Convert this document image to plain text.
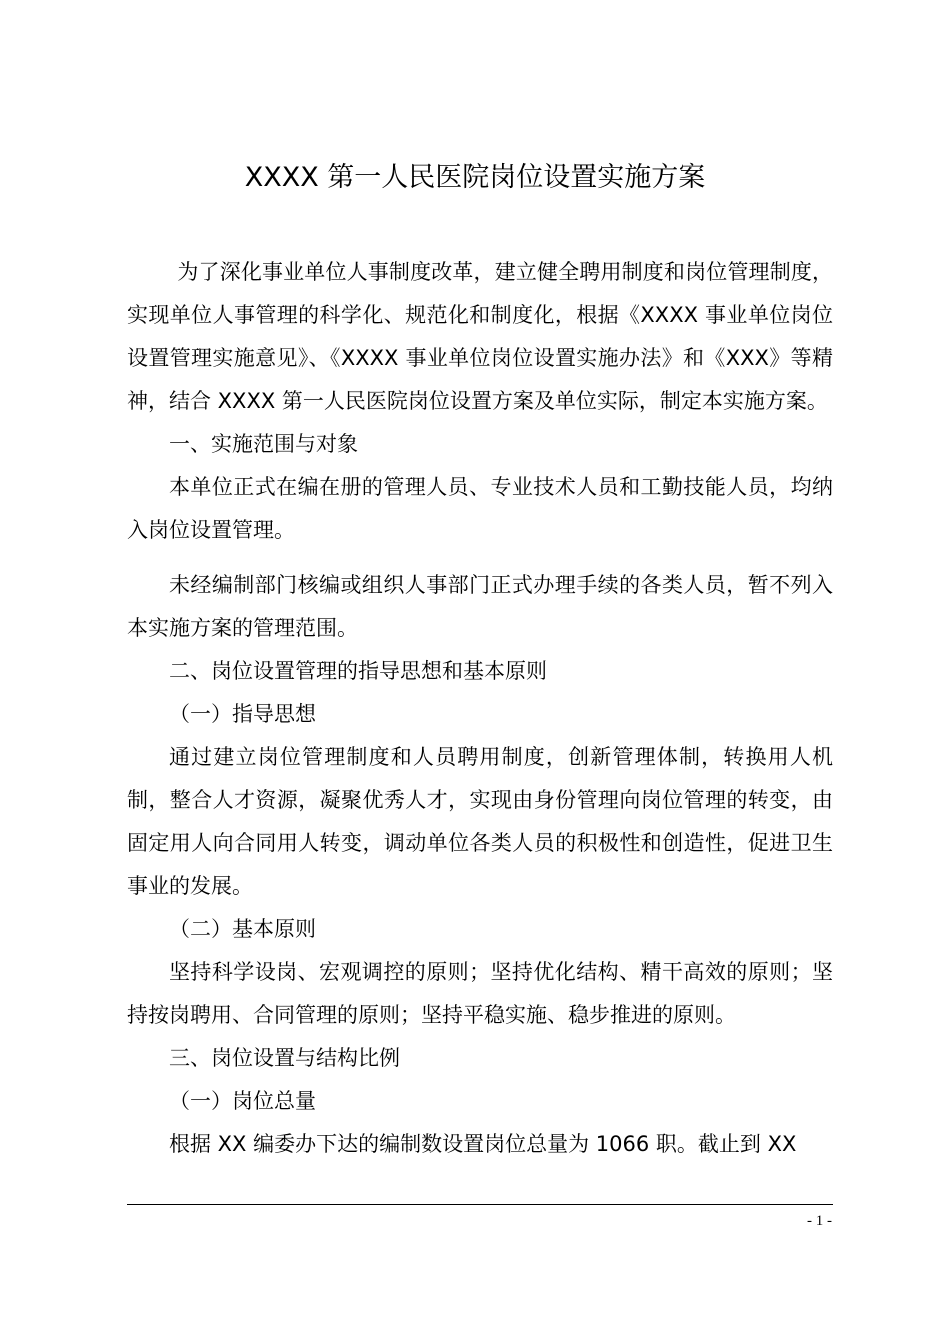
XXXX 第一人民医院岗位设置实施方案

为了深化事业单位人事制度改革，建立健全聘用制度和岗位管理制度，实现单位人事管理的科学化、规范化和制度化，根据《XXXX 事业单位岗位设置管理实施意见》、《XXXX 事业单位岗位设置实施办法》和《XXX》等精神，结合 XXXX 第一人民医院岗位设置方案及单位实际，制定本实施方案。

一、实施范围与对象

本单位正式在编在册的管理人员、专业技术人员和工勤技能人员，均纳入岗位设置管理。

未经编制部门核编或组织人事部门正式办理手续的各类人员，暂不列入本实施方案的管理范围。

二、岗位设置管理的指导思想和基本原则

（一）指导思想

通过建立岗位管理制度和人员聘用制度，创新管理体制，转换用人机制，整合人才资源，凝聚优秀人才，实现由身份管理向岗位管理的转变，由固定用人向合同用人转变，调动单位各类人员的积极性和创造性，促进卫生事业的发展。

（二）基本原则

坚持科学设岗、宏观调控的原则；坚持优化结构、精干高效的原则；坚持按岗聘用、合同管理的原则；坚持平稳实施、稳步推进的原则。

三、岗位设置与结构比例

（一）岗位总量

根据 XX 编委办下达的编制数设置岗位总量为 1066 职。截止到 XX

- 1 -
